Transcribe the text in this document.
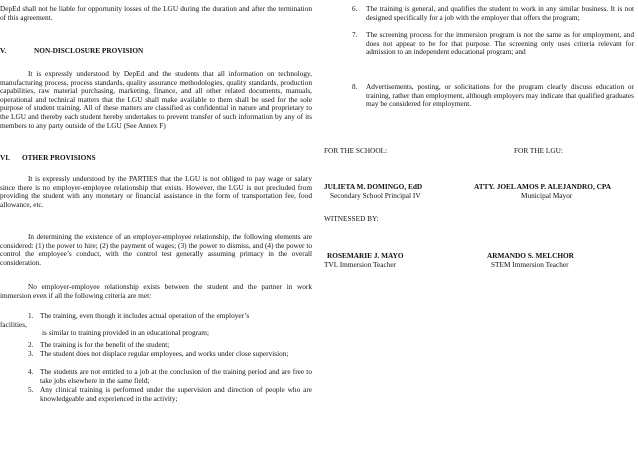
DepEd shall not be liable for opportunity losses of the LGU during the duration and after the termination of this agreement.

V.	NON-DISCLOSURE PROVISION

It is expressly understood by DepEd and the students that all information on technology, manufacturing process, process standards, quality assurance methodologies, quality standards, production capabilities, raw material purchasing, marketing, finance, and all other related documents, manuals, operational and technical matters that the LGU shall make available to them shall be used for the sole purpose of student training. All of these matters are classified as confidential in nature and proprietary to the LGU and thereby each student hereby undertakes to prevent transfer of such information by any of its members to any party outside of the LGU (See Annex F)

VI. OTHER PROVISIONS

It is expressly understood by the PARTIES that the LGU is not obliged to pay wage or salary since there is no employer-employee relationship that exists. However, the LGU is not precluded from providing the student with any monetary or financial assistance in the form of transportation fee, food allowance, etc.

In determining the existence of an employer-employee relationship, the following elements are considered: (1) the power to hire; (2) the payment of wages; (3) the power to dismiss, and (4) the power to control the employee’s conduct, with the control test generally assuming primacy in the overall consideration.

No employer-employee relationship exists between the student and the partner in work immersion even if all the following criteria are met:

1. The training, even though it includes actual operation of the employer’s
facilities,
is similar to training provided in an educational program;
2. The training is for the benefit of the student;
3. The student does not displace regular employees, and works under close supervision;
4. The students are not entitled to a job at the conclusion of the training period and are free to take jobs elsewhere in the same field;
5. Any clinical training is performed under the supervision and direction of people who are knowledgeable and experienced in the activity;
6.	The training is general, and qualifies the student to work in any similar business. It is not designed specifically for a job with the employer that offers the program;
7.	The screening process for the immersion program is not the same as for employment, and does not appear to be for that purpose. The screening only uses criteria relevant for admission to an independent educational program; and
8.	Advertisements, posting, or solicitations for the program clearly discuss education or training, rather than employment, although employers may indicate that qualified graduates may be considered for employment.
FOR THE SCHOOL:	FOR THE LGU:
JULIETA M. DOMINGO, EdD
Secondary School Principal IV
ATTY. JOEL AMOS P. ALEJANDRO, CPA
Municipal Mayor
WITNESSED BY:
ROSEMARIE J. MAYO
TVL Immersion Teacher
ARMANDO S. MELCHOR
STEM Immersion Teacher
